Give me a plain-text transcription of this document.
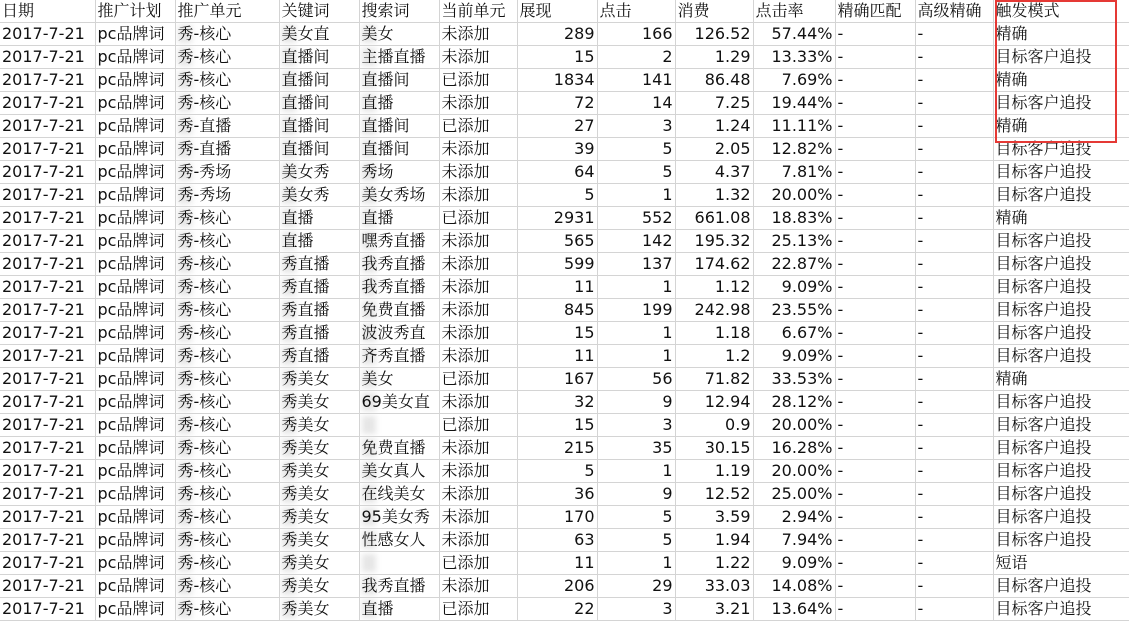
日期	推广计划	推广单元	关键词	搜索词	当前单元	展现	点击	消费	点击率	精确匹配	高级精确	触发模式
2017-7-21	pc品牌词	秀-核心	美女直	美女	未添加	289	166	126.52	57.44%	-	-	精确
2017-7-21	pc品牌词	秀-核心	直播间	主播直播	未添加	15	2	1.29	13.33%	-	-	目标客户追投
2017-7-21	pc品牌词	秀-核心	直播间	直播间	已添加	1834	141	86.48	7.69%	-	-	精确
2017-7-21	pc品牌词	秀-核心	直播间	直播	未添加	72	14	7.25	19.44%	-	-	目标客户追投
2017-7-21	pc品牌词	秀-直播	直播间	直播间	已添加	27	3	1.24	11.11%	-	-	精确
2017-7-21	pc品牌词	秀-直播	直播间	直播间	未添加	39	5	2.05	12.82%	-	-	目标客户追投
2017-7-21	pc品牌词	秀-秀场	美女秀	秀场	未添加	64	5	4.37	7.81%	-	-	目标客户追投
2017-7-21	pc品牌词	秀-秀场	美女秀	美女秀场	未添加	5	1	1.32	20.00%	-	-	目标客户追投
2017-7-21	pc品牌词	秀-核心	直播	直播	已添加	2931	552	661.08	18.83%	-	-	精确
2017-7-21	pc品牌词	秀-核心	直播	嘿秀直播	未添加	565	142	195.32	25.13%	-	-	目标客户追投
2017-7-21	pc品牌词	秀-核心	秀直播	我秀直播	未添加	599	137	174.62	22.87%	-	-	目标客户追投
2017-7-21	pc品牌词	秀-核心	秀直播	我秀直播	未添加	11	1	1.12	9.09%	-	-	目标客户追投
2017-7-21	pc品牌词	秀-核心	秀直播	免费直播	未添加	845	199	242.98	23.55%	-	-	目标客户追投
2017-7-21	pc品牌词	秀-核心	秀直播	波波秀直	未添加	15	1	1.18	6.67%	-	-	目标客户追投
2017-7-21	pc品牌词	秀-核心	秀直播	齐秀直播	未添加	11	1	1.2	9.09%	-	-	目标客户追投
2017-7-21	pc品牌词	秀-核心	秀美女	美女	已添加	167	56	71.82	33.53%	-	-	精确
2017-7-21	pc品牌词	秀-核心	秀美女	69美女直	未添加	32	9	12.94	28.12%	-	-	目标客户追投
2017-7-21	pc品牌词	秀-核心	秀美女		已添加	15	3	0.9	20.00%	-	-	目标客户追投
2017-7-21	pc品牌词	秀-核心	秀美女	免费直播	未添加	215	35	30.15	16.28%	-	-	目标客户追投
2017-7-21	pc品牌词	秀-核心	秀美女	美女真人	未添加	5	1	1.19	20.00%	-	-	目标客户追投
2017-7-21	pc品牌词	秀-核心	秀美女	在线美女	未添加	36	9	12.52	25.00%	-	-	目标客户追投
2017-7-21	pc品牌词	秀-核心	秀美女	95美女秀	未添加	170	5	3.59	2.94%	-	-	目标客户追投
2017-7-21	pc品牌词	秀-核心	秀美女	性感女人	未添加	63	5	1.94	7.94%	-	-	目标客户追投
2017-7-21	pc品牌词	秀-核心	秀美女		已添加	11	1	1.22	9.09%	-	-	短语
2017-7-21	pc品牌词	秀-核心	秀美女	我秀直播	未添加	206	29	33.03	14.08%	-	-	目标客户追投
2017-7-21	pc品牌词	秀-核心	秀美女	直播	已添加	22	3	3.21	13.64%	-	-	目标客户追投
